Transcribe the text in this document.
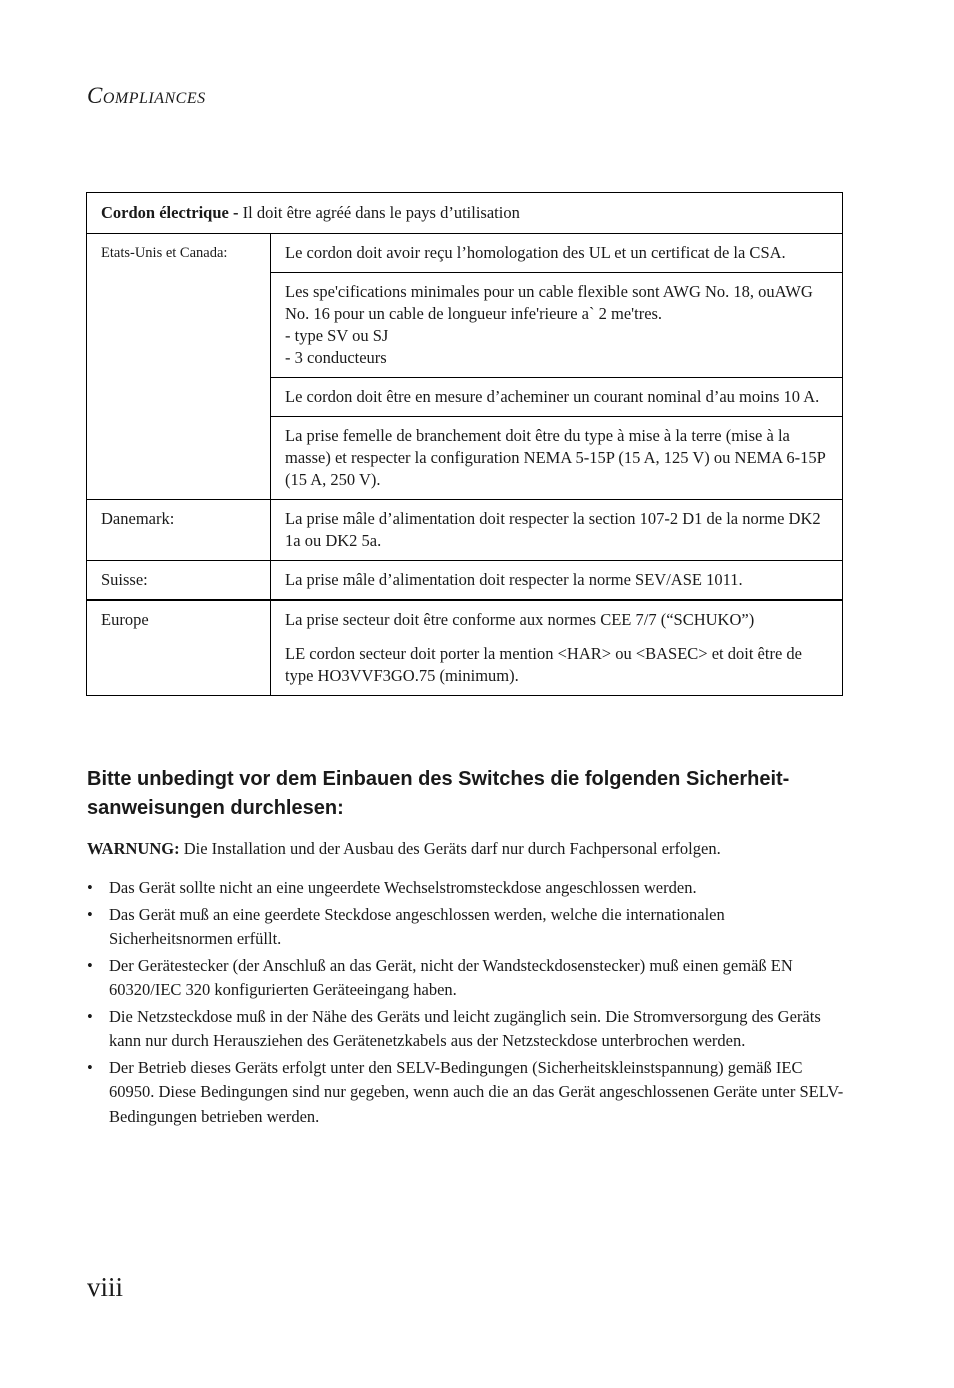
COMPLIANCES
Cordon électrique - Il doit être agréé dans le pays d’utilisation	
Etats-Unis et Canada:	Le cordon doit avoir reçu l’homologation des UL et un certificat de la CSA.

	Les spe'cifications minimales pour un cable flexible sont AWG No. 18, ouAWG No. 16 pour un cable de longueur infe'rieure a` 2 me'tres.
- type SV ou SJ
- 3 conducteurs

	Le cordon doit être en mesure d’acheminer un courant nominal d’au moins 10 A.
	La prise femelle de branchement doit être du type à mise à la terre (mise à la masse) et respecter la configuration NEMA 5-15P (15 A, 125 V) ou NEMA 6-15P (15 A, 250 V).
Danemark:	La prise mâle d’alimentation doit respecter la section 107-2 D1 de la norme DK2 1a ou DK2 5a.
Suisse:	La prise mâle d’alimentation doit respecter la norme SEV/ASE 1011.
Europe	La prise secteur doit être conforme aux normes CEE 7/7 (“SCHUKO”)

LE cordon secteur doit porter la mention <HAR> ou <BASEC> et doit être de type HO3VVF3GO.75 (minimum).

Bitte unbedingt vor dem Einbauen des Switches die folgenden Sicherheit-sanweisungen durchlesen:
WARNUNG: Die Installation und der Ausbau des Geräts darf nur durch Fachpersonal erfolgen.
• Das Gerät sollte nicht an eine ungeerdete Wechselstromsteckdose angeschlossen werden.
• Das Gerät muß an eine geerdete Steckdose angeschlossen werden, welche die internationalen Sicherheitsnormen erfüllt.
• Der Gerätestecker (der Anschluß an das Gerät, nicht der Wandsteckdosenstecker) muß einen gemäß EN 60320/IEC 320 konfigurierten Geräteeingang haben.
• Die Netzsteckdose muß in der Nähe des Geräts und leicht zugänglich sein. Die Stromversorgung des Geräts kann nur durch Herausziehen des Gerätenetzkabels aus der Netzsteckdose unterbrochen werden.
• Der Betrieb dieses Geräts erfolgt unter den SELV-Bedingungen (Sicherheitskleinstspannung) gemäß IEC 60950. Diese Bedingungen sind nur gegeben, wenn auch die an das Gerät angeschlossenen Geräte unter SELV-Bedingungen betrieben werden.
viii
